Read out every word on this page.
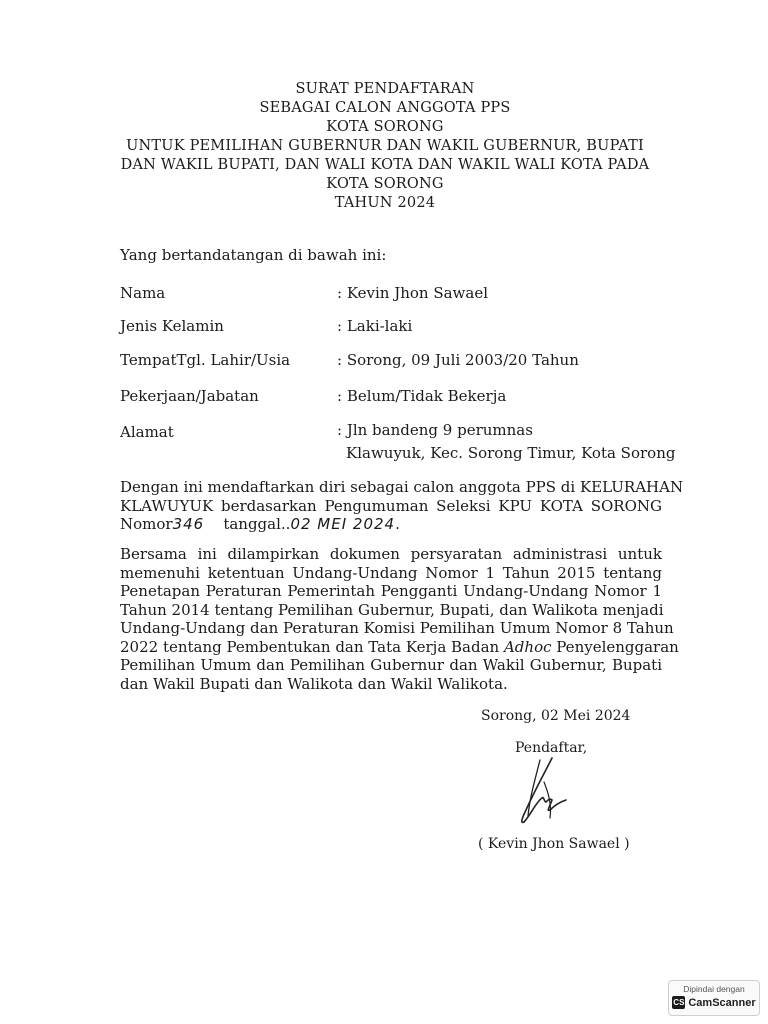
SURAT PENDAFTARAN
SEBAGAI CALON ANGGOTA PPS
KOTA SORONG
UNTUK PEMILIHAN GUBERNUR DAN WAKIL GUBERNUR, BUPATI
DAN WAKIL BUPATI, DAN WALI KOTA DAN WAKIL WALI KOTA PADA
KOTA SORONG
TAHUN 2024
Yang bertandatangan di bawah ini:
Nama	: Kevin Jhon Sawael
Jenis Kelamin	: Laki-laki
TempatTgl. Lahir/Usia	: Sorong, 09 Juli 2003/20 Tahun
Pekerjaan/Jabatan	: Belum/Tidak Bekerja
Alamat	: Jln bandeng 9 perumnas
Klawuyuk, Kec. Sorong Timur, Kota Sorong
Dengan ini mendaftarkan diri sebagai calon anggota PPS di KELURAHAN
KLAWUYUK berdasarkan Pengumuman Seleksi KPU KOTA SORONG
Nomor346 tanggal..02 MEI 2024.
Bersama ini dilampirkan dokumen persyaratan administrasi untuk
memenuhi ketentuan Undang-Undang Nomor 1 Tahun 2015 tentang
Penetapan Peraturan Pemerintah Pengganti Undang-Undang Nomor 1
Tahun 2014 tentang Pemilihan Gubernur, Bupati, dan Walikota menjadi
Undang-Undang dan Peraturan Komisi Pemilihan Umum Nomor 8 Tahun
2022 tentang Pembentukan dan Tata Kerja Badan Adhoc Penyelenggaran
Pemilihan Umum dan Pemilihan Gubernur dan Wakil Gubernur, Bupati
dan Wakil Bupati dan Walikota dan Wakil Walikota.
Sorong, 02 Mei 2024
Pendaftar,
( Kevin Jhon Sawael )
Dipindai dengan
CS CamScanner
